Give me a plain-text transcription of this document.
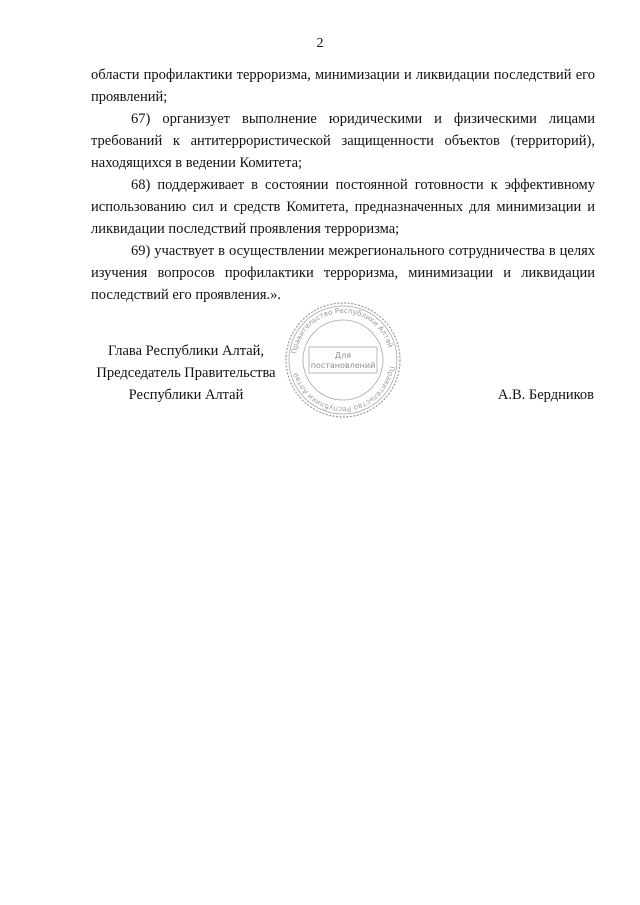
2

области профилактики терроризма, минимизации и ликвидации последствий его проявлений;

67) организует выполнение юридическими и физическими лицами требований к антитеррористической защищенности объектов (территорий), находящихся в ведении Комитета;

68) поддерживает в состоянии постоянной готовности к эффективному использованию сил и средств Комитета, предназначенных для минимизации и ликвидации последствий проявления терроризма;

69) участвует в осуществлении межрегионального сотрудничества в целях изучения вопросов профилактики терроризма, минимизации и ликвидации последствий его проявления.».

Глава Республики Алтай,
Председатель Правительства
Республики Алтай	А.В. Бердников
Правительство Республики Алтай
Правительство Республики Алтай
Для
постановлений
